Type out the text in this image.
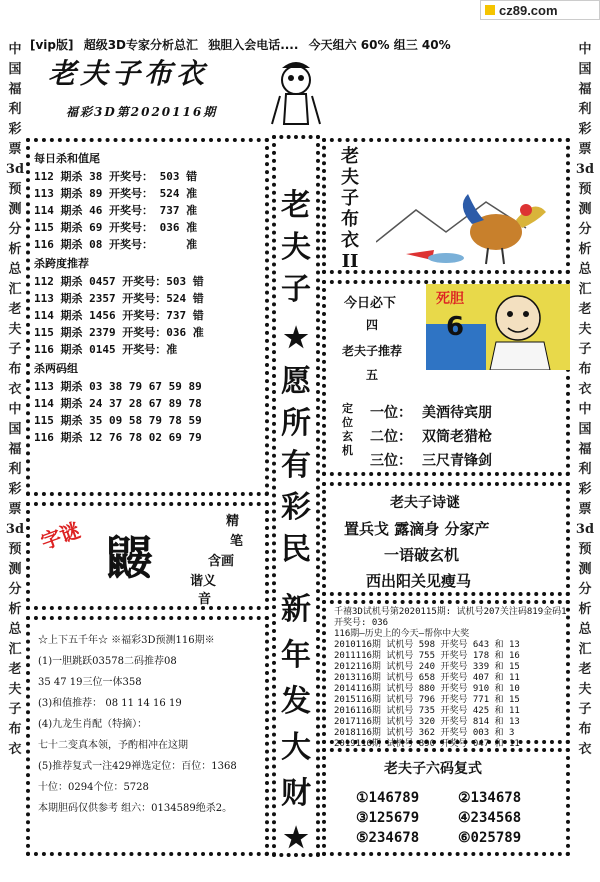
cz89.com
[vip版] 超级3D专家分析总汇 独胆入会电话.... 今天组六 60% 组三 40%
中国福利彩票3d预测分析总汇老夫子布衣中国福利彩票3d预测分析总汇老夫子布衣
中国福利彩票3d预测分析总汇老夫子布衣中国福利彩票3d预测分析总汇老夫子布衣
老夫子布衣
福彩3D第2020116期
每日杀和值尾
112 期杀 38 开奖号： 503 错
113 期杀 89 开奖号： 524 准
114 期杀 46 开奖号： 737 准
115 期杀 69 开奖号： 036 准
116 期杀 08 开奖号：     准
杀跨度推荐
112 期杀 0457 开奖号：503 错
113 期杀 2357 开奖号：524 错
114 期杀 1456 开奖号：737 错
115 期杀 2379 开奖号：036 准
116 期杀 0145 开奖号：准
杀两码组
113 期杀 03 38 79 67 59 89
114 期杀 24 37 28 67 89 78
115 期杀 35 09 58 79 78 59
116 期杀 12 76 78 02 69 79
字谜 鼹
精
笔
含画
谐义
音
☆上下五千年☆ ※福彩3D预测116期※
(1)一胆跳跃03578二码推荐08
35 47 19三位一体358
(3)和值推荐： 08 11 14 16 19
(4)九龙生肖配（特摘）：
七十二变真本领，予酌相冲在这期
(5)推荐复式一注429禅选定位：百位：1368
十位：0294个位：5728
本期胆码仅供参考 组六：0134589绝杀2。
老
夫
子
★
愿
所
有
彩
民
新
年
发
大
财
★
老
夫
子
布
衣
II
今日必下
四
老夫子推荐
五
死胆
6
定位玄机
一位： 美酒待宾朋
二位： 双筒老猎枪
三位： 三尺青锋剑
老夫子诗谜
置兵戈 露滴身 分家产
一语破玄机
西出阳关见瘦马
千禧3D试机号第2020115期: 试机号207关注码819金码1
开奖号: 036
116期—历史上的今天—帮你中大奖
2010116期 试机号 598 开奖号 643 和 13
2011116期 试机号 755 开奖号 178 和 16
2012116期 试机号 240 开奖号 339 和 15
2013116期 试机号 658 开奖号 407 和 11
2014116期 试机号 880 开奖号 910 和 10
2015116期 试机号 796 开奖号 771 和 15
2016116期 试机号 735 开奖号 425 和 11
2017116期 试机号 320 开奖号 814 和 13
2018116期 试机号 362 开奖号 003 和 3
2019116期 试机号 890 开奖号 047 和 11
老夫子六码复式
①146789	②134678
③125679	④234568
⑤234678	⑥025789
